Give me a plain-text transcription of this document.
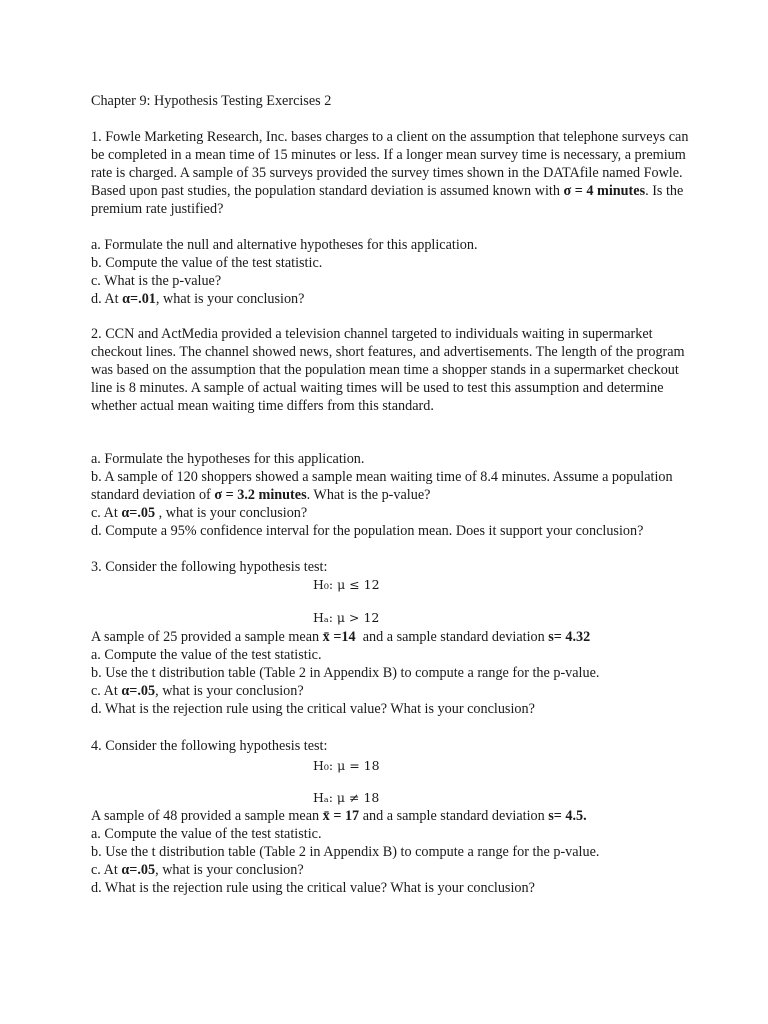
Chapter 9: Hypothesis Testing Exercises 2

1. Fowle Marketing Research, Inc. bases charges to a client on the assumption that telephone surveys can be completed in a mean time of 15 minutes or less. If a longer mean survey time is necessary, a premium rate is charged. A sample of 35 surveys provided the survey times shown in the DATAfile named Fowle. Based upon past studies, the population standard deviation is assumed known with σ = 4 minutes. Is the premium rate justified?

a. Formulate the null and alternative hypotheses for this application.

b. Compute the value of the test statistic.

c. What is the p-value?

d. At α=.01, what is your conclusion?

2. CCN and ActMedia provided a television channel targeted to individuals waiting in supermarket checkout lines. The channel showed news, short features, and advertisements. The length of the program was based on the assumption that the population mean time a shopper stands in a supermarket checkout line is 8 minutes. A sample of actual waiting times will be used to test this assumption and determine whether actual mean waiting time differs from this standard.

a. Formulate the hypotheses for this application.

b. A sample of 120 shoppers showed a sample mean waiting time of 8.4 minutes. Assume a population standard deviation of σ = 3.2 minutes. What is the p-value?

c. At α=.05 , what is your conclusion?

d. Compute a 95% confidence interval for the population mean. Does it support your conclusion?

3. Consider the following hypothesis test:

H₀: μ ≤ 12

Hₐ: μ > 12

A sample of 25 provided a sample mean x̄ =14  and a sample standard deviation s= 4.32

a. Compute the value of the test statistic.

b. Use the t distribution table (Table 2 in Appendix B) to compute a range for the p-value.

c. At α=.05, what is your conclusion?

d. What is the rejection rule using the critical value? What is your conclusion?

4. Consider the following hypothesis test:

H₀: μ = 18

Hₐ: μ ≠ 18

A sample of 48 provided a sample mean x̄ = 17 and a sample standard deviation s= 4.5.

a. Compute the value of the test statistic.

b. Use the t distribution table (Table 2 in Appendix B) to compute a range for the p-value.

c. At α=.05, what is your conclusion?

d. What is the rejection rule using the critical value? What is your conclusion?
